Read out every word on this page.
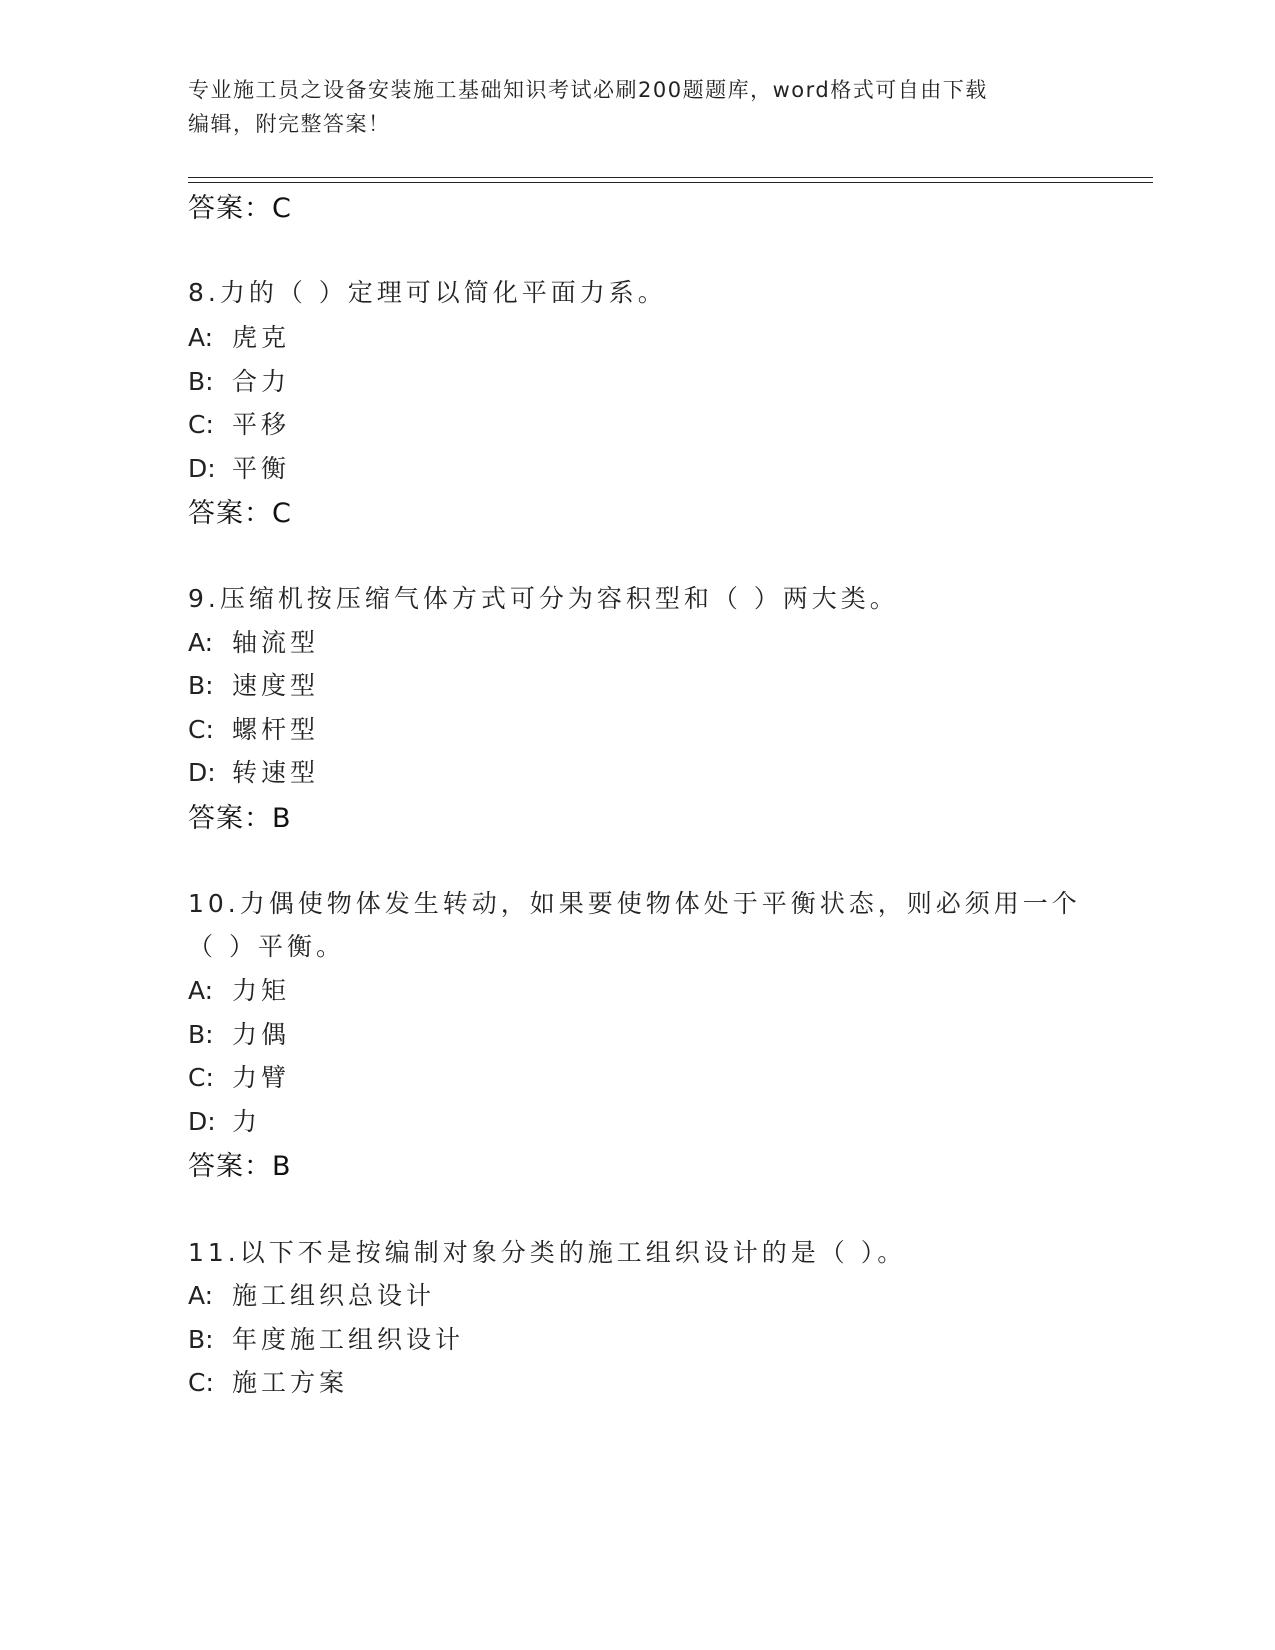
专业施工员之设备安装施工基础知识考试必刷200题题库，word格式可自由下载
编辑，附完整答案！
答案：C
8.力的（ ）定理可以简化平面力系。
A: 虎克
B: 合力
C: 平移
D: 平衡
答案：C
9.压缩机按压缩气体方式可分为容积型和（ ）两大类。
A: 轴流型
B: 速度型
C: 螺杆型
D: 转速型
答案：B
10.力偶使物体发生转动，如果要使物体处于平衡状态，则必须用一个
（ ）平衡。
A: 力矩
B: 力偶
C: 力臂
D: 力
答案：B
11.以下不是按编制对象分类的施工组织设计的是（ ）。
A: 施工组织总设计
B: 年度施工组织设计
C: 施工方案
